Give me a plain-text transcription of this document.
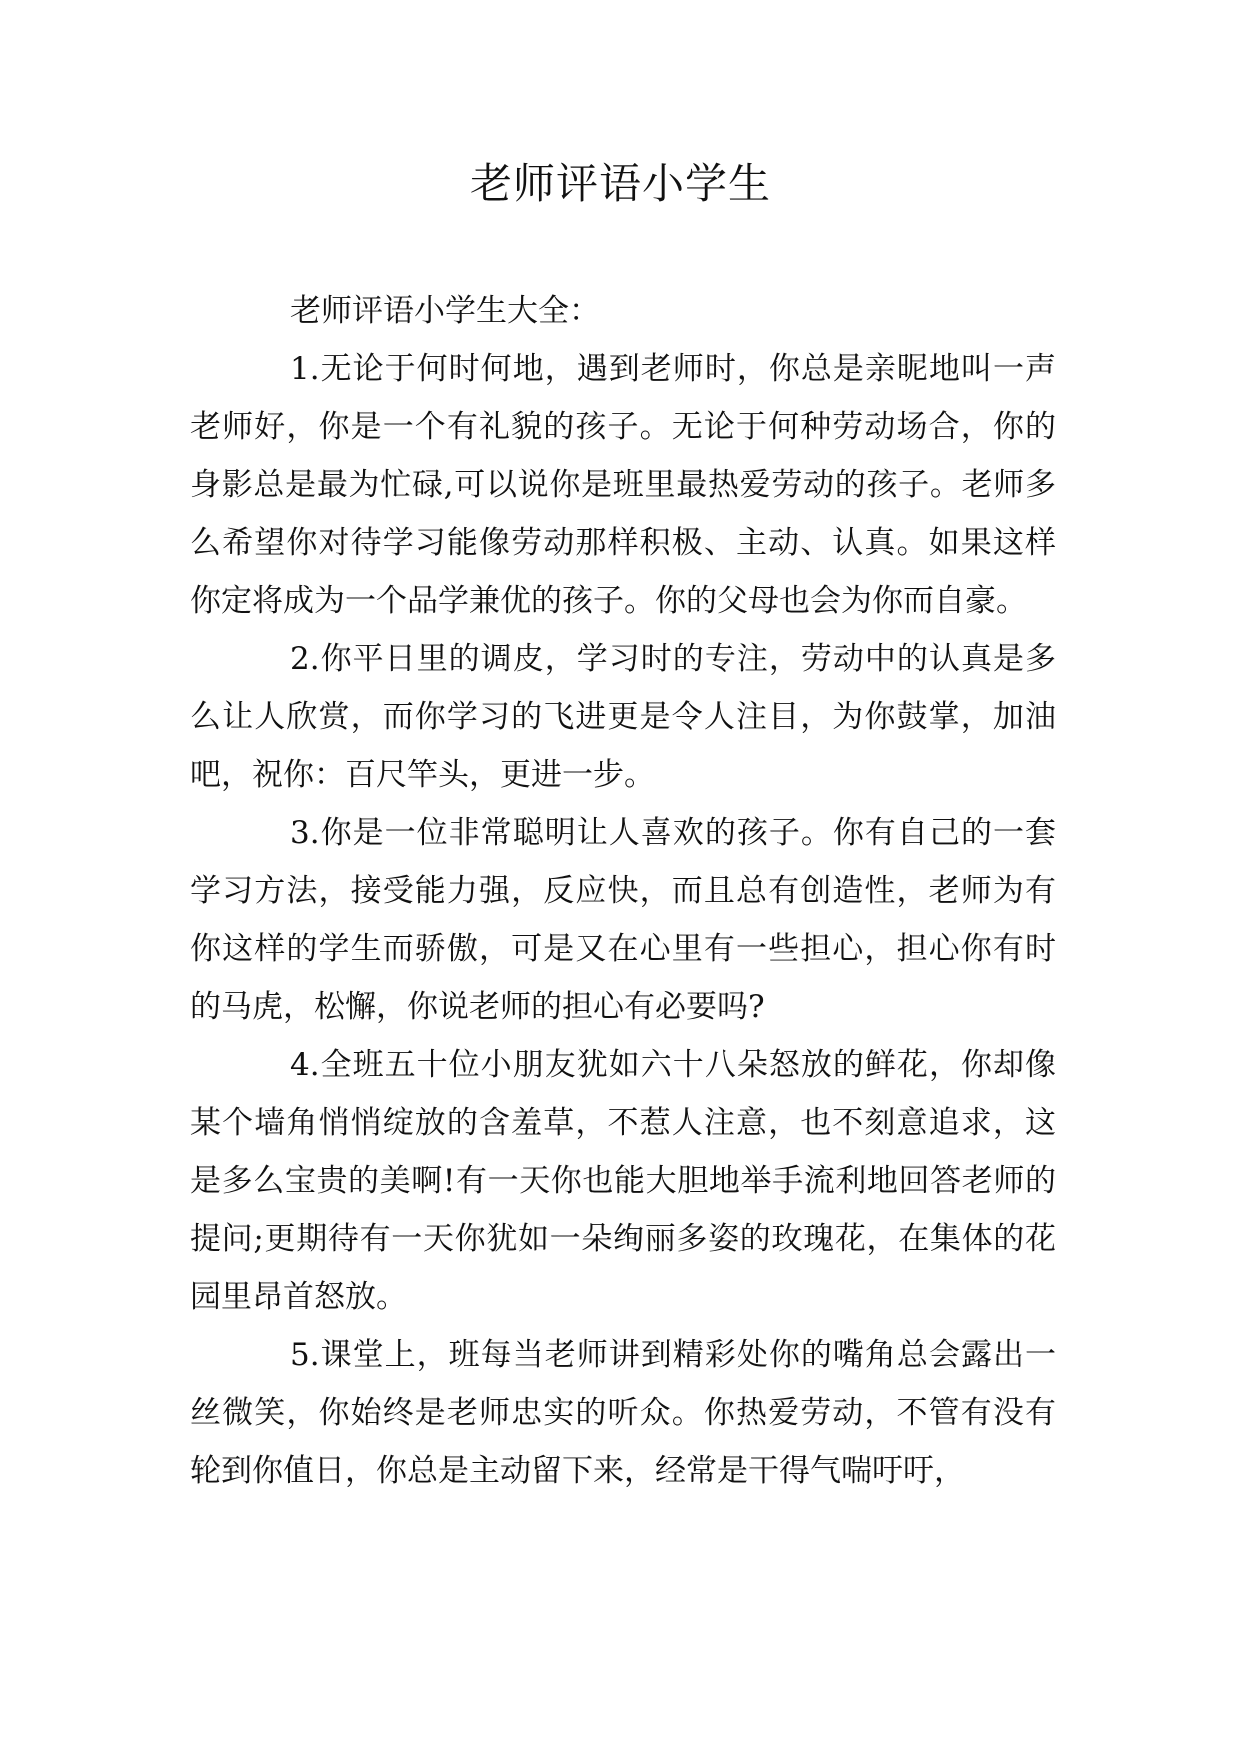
老师评语小学生

老师评语小学生大全：

1.无论于何时何地，遇到老师时，你总是亲昵地叫一声老师好，你是一个有礼貌的孩子。无论于何种劳动场合，你的身影总是最为忙碌,可以说你是班里最热爱劳动的孩子。老师多么希望你对待学习能像劳动那样积极、主动、认真。如果这样你定将成为一个品学兼优的孩子。你的父母也会为你而自豪。

2.你平日里的调皮，学习时的专注，劳动中的认真是多么让人欣赏，而你学习的飞进更是令人注目，为你鼓掌，加油吧，祝你：百尺竿头，更进一步。

3.你是一位非常聪明让人喜欢的孩子。你有自己的一套学习方法，接受能力强，反应快，而且总有创造性，老师为有你这样的学生而骄傲，可是又在心里有一些担心，担心你有时的马虎，松懈，你说老师的担心有必要吗?

4.全班五十位小朋友犹如六十八朵怒放的鲜花，你却像某个墙角悄悄绽放的含羞草，不惹人注意，也不刻意追求，这是多么宝贵的美啊!有一天你也能大胆地举手流利地回答老师的提问;更期待有一天你犹如一朵绚丽多姿的玫瑰花，在集体的花园里昂首怒放。

5.课堂上，班每当老师讲到精彩处你的嘴角总会露出一丝微笑，你始终是老师忠实的听众。你热爱劳动，不管有没有轮到你值日，你总是主动留下来，经常是干得气喘吁吁，
